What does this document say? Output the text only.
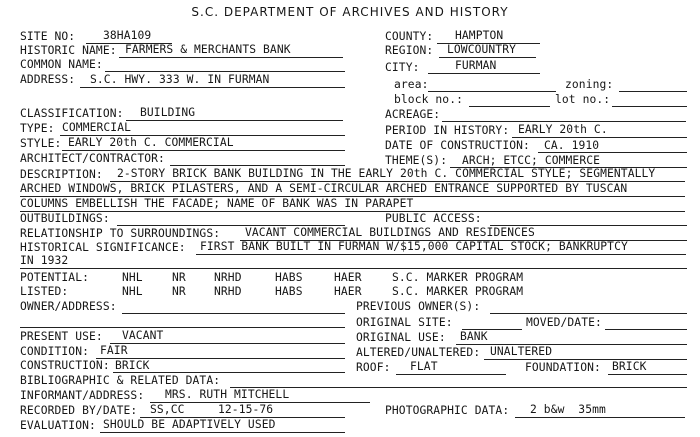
S.C. DEPARTMENT OF ARCHIVES AND HISTORY
SITE NO: 38HA109	COUNTY: HAMPTON
HISTORIC NAME: FARMERS & MERCHANTS BANK	REGION: LOWCOUNTRY
COMMON NAME:	CITY:	FURMAN
ADDRESS: S.C. HWY. 333 W. IN FURMAN	area:	zoning:
block no.:	lot no.:
CLASSIFICATION: BUILDING	ACREAGE:
TYPE: COMMERCIAL	PERIOD IN HISTORY: EARLY 20th C.
STYLE: EARLY 20th C. COMMERCIAL	DATE OF CONSTRUCTION: CA. 1910
ARCHITECT/CONTRACTOR:	THEME(S): ARCH; ETCC; COMMERCE
DESCRIPTION: 2-STORY BRICK BANK BUILDING IN THE EARLY 20th C. COMMERCIAL STYLE; SEGMENTALLY
ARCHED WINDOWS, BRICK PILASTERS, AND A SEMI-CIRCULAR ARCHED ENTRANCE SUPPORTED BY TUSCAN
COLUMNS EMBELLISH THE FACADE; NAME OF BANK WAS IN PARAPET
OUTBUILDINGS:	PUBLIC ACCESS:
RELATIONSHIP TO SURROUNDINGS: VACANT COMMERCIAL BUILDINGS AND RESIDENCES
HISTORICAL SIGNIFICANCE: FIRST BANK BUILT IN FURMAN W/$15,000 CAPITAL STOCK; BANKRUPTCY
IN 1932
POTENTIAL:	NHL	NR NRHD	HABS	HAER	S.C. MARKER PROGRAM
LISTED:	NHL	NR NRHD	HABS	HAER	S.C. MARKER PROGRAM
OWNER/ADDRESS:	PREVIOUS OWNER(S):
ORIGINAL SITE:	MOVED/DATE:
PRESENT USE: VACANT	ORIGINAL USE: BANK
CONDITION: FAIR	ALTERED/UNALTERED: UNALTERED
CONSTRUCTION: BRICK	ROOF: FLAT	FOUNDATION: BRICK
BIBLIOGRAPHIC & RELATED DATA:
INFORMANT/ADDRESS: MRS. RUTH MITCHELL
RECORDED BY/DATE: SS,CC	12-15-76	PHOTOGRAPHIC DATA: 2 b&w  35mm
EVALUATION: SHOULD BE ADAPTIVELY USED
